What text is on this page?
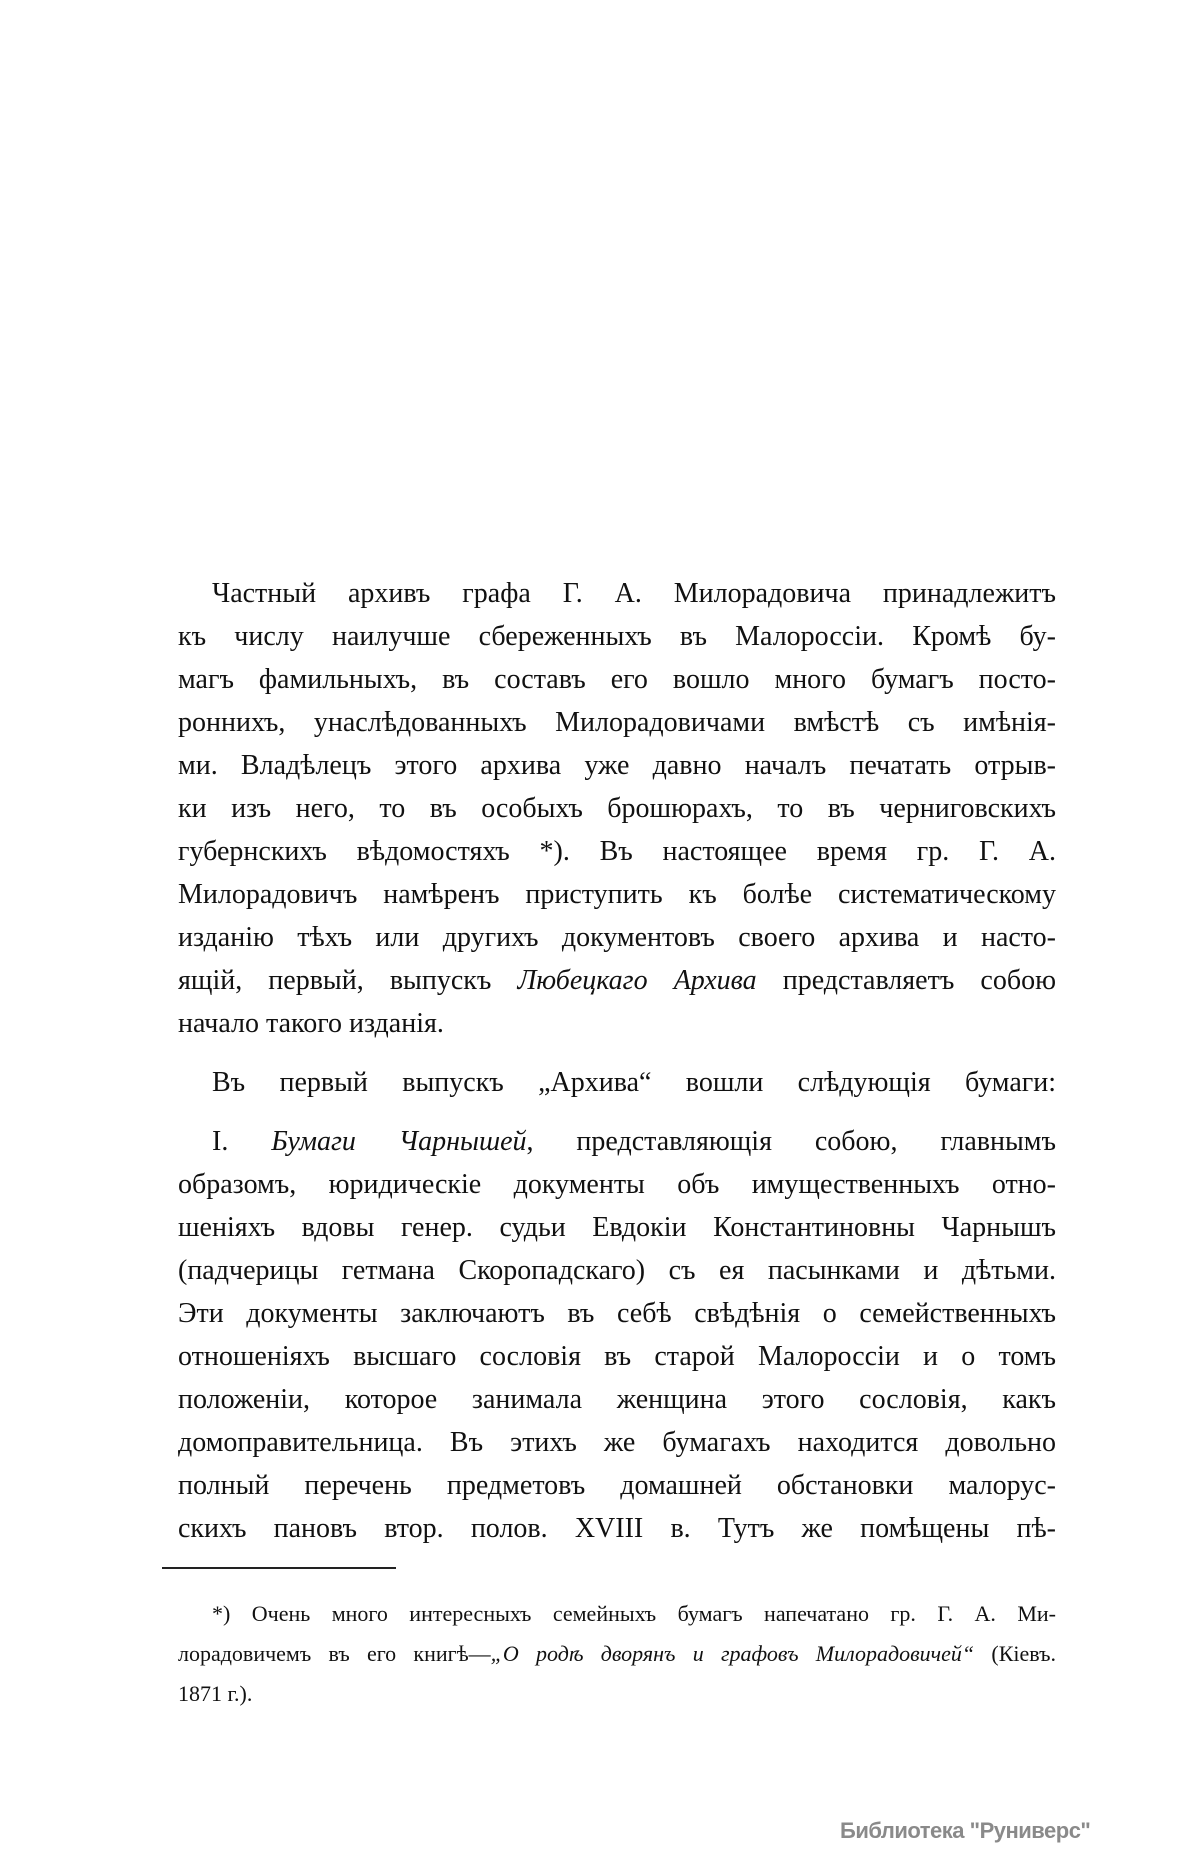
Частный архивъ графа Г. А. Милорадовича принадлежитъ
къ числу наилучше сбереженныхъ въ Малороссіи. Кромѣ бу-
магъ фамильныхъ, въ составъ его вошло много бумагъ посто-
роннихъ, унаслѣдованныхъ Милорадовичами вмѣстѣ съ имѣнія-
ми. Владѣлецъ этого архива уже давно началъ печатать отрыв-
ки изъ него, то въ особыхъ брошюрахъ, то въ черниговскихъ
губернскихъ вѣдомостяхъ *). Въ настоящее время гр. Г. А.
Милорадовичъ намѣренъ приступить къ болѣе систематическому
изданію тѣхъ или другихъ документовъ своего архива и насто-
ящій, первый, выпускъ Любецкаго Архива представляетъ собою
начало такого изданія.
Въ первый выпускъ „Архива“ вошли слѣдующія бумаги:
I. Бумаги Чарнышей, представляющія собою, главнымъ
образомъ, юридическіе документы объ имущественныхъ отно-
шеніяхъ вдовы генер. судьи Евдокіи Константиновны Чарнышъ
(падчерицы гетмана Скоропадскаго) съ ея пасынками и дѣтьми.
Эти документы заключаютъ въ себѣ свѣдѣнія о семейственныхъ
отношеніяхъ высшаго сословія въ старой Малороссіи и о томъ
положеніи, которое занимала женщина этого сословія, какъ
домоправительница. Въ этихъ же бумагахъ находится довольно
полный перечень предметовъ домашней обстановки малорус-
скихъ пановъ втор. полов. XVIII в. Тутъ же помѣщены пѣ-
*) Очень много интересныхъ семейныхъ бумагъ напечатано гр. Г. А. Ми-
лорадовичемъ въ его книгѣ—„О родѣ дворянъ и графовъ Милорадовичей“ (Кіевъ.
1871 г.).
Библиотека "Руниверс"
